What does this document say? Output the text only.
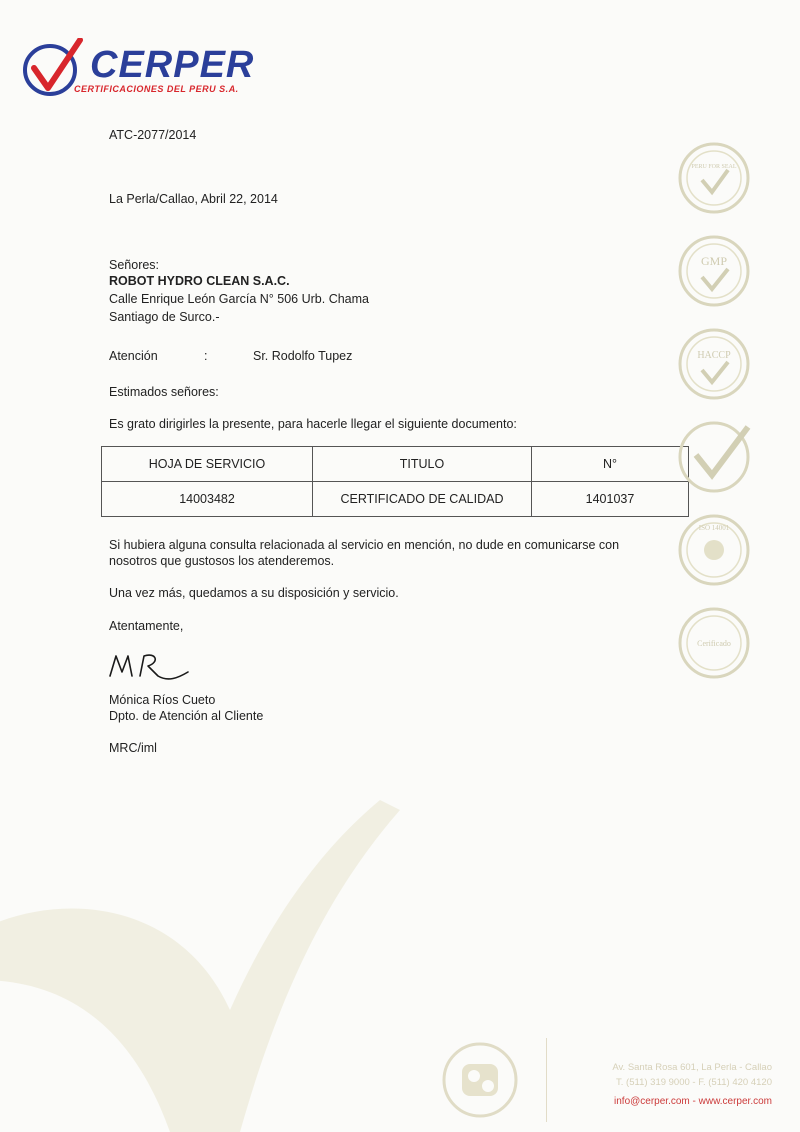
CERPER
CERTIFICACIONES DEL PERU S.A.
ATC-2077/2014
La Perla/Callao, Abril 22, 2014
Señores:
ROBOT HYDRO CLEAN S.A.C.
Calle Enrique León García N° 506 Urb. Chama
Santiago de Surco.-
Atención	:	Sr. Rodolfo Tupez
Estimados señores:
Es grato dirigirles la presente, para hacerle llegar el siguiente documento:
HOJA DE SERVICIO	TITULO	N°
14003482	CERTIFICADO DE CALIDAD	1401037
Si hubiera alguna consulta relacionada al servicio en mención, no dude en comunicarse con
nosotros que gustosos los atenderemos.
Una vez más, quedamos a su disposición y servicio.
Atentamente,
Mónica Ríos Cueto
Dpto. de Atención al Cliente
MRC/iml
PERU FOR SEAL

GMP

HACCP

ISO 14001

Cerificado
Av. Santa Rosa 601, La Perla - Callao
T. (511) 319 9000 - F. (511) 420 4120
info@cerper.com - www.cerper.com
